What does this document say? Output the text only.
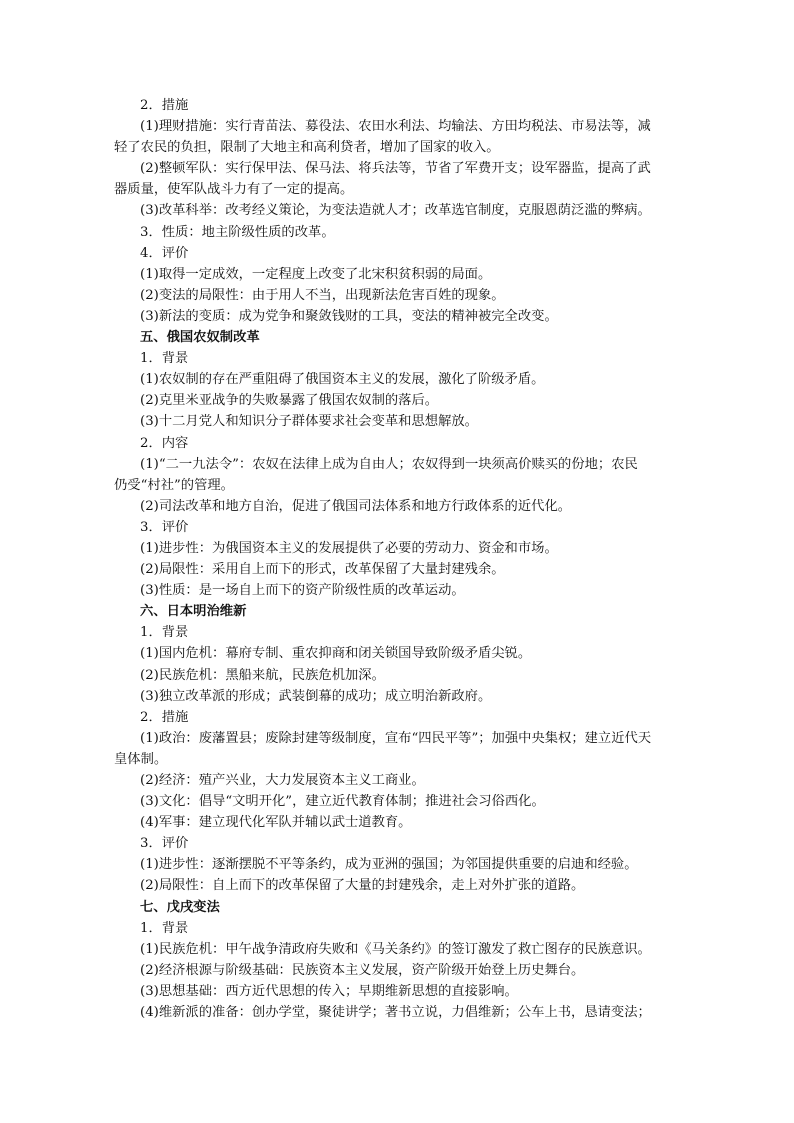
2．措施
(1)理财措施：实行青苗法、募役法、农田水利法、均输法、方田均税法、市易法等，减
轻了农民的负担，限制了大地主和高利贷者，增加了国家的收入。
(2)整顿军队：实行保甲法、保马法、将兵法等，节省了军费开支；设军器监，提高了武
器质量，使军队战斗力有了一定的提高。
(3)改革科举：改考经义策论，为变法造就人才；改革选官制度，克服恩荫泛滥的弊病。
3．性质：地主阶级性质的改革。
4．评价
(1)取得一定成效，一定程度上改变了北宋积贫积弱的局面。
(2)变法的局限性：由于用人不当，出现新法危害百姓的现象。
(3)新法的变质：成为党争和聚敛钱财的工具，变法的精神被完全改变。
五、俄国农奴制改革
1．背景
(1)农奴制的存在严重阻碍了俄国资本主义的发展，激化了阶级矛盾。
(2)克里米亚战争的失败暴露了俄国农奴制的落后。
(3)十二月党人和知识分子群体要求社会变革和思想解放。
2．内容
(1)“二一九法令”：农奴在法律上成为自由人；农奴得到一块须高价赎买的份地；农民
仍受“村社”的管理。
(2)司法改革和地方自治，促进了俄国司法体系和地方行政体系的近代化。
3．评价
(1)进步性：为俄国资本主义的发展提供了必要的劳动力、资金和市场。
(2)局限性：采用自上而下的形式，改革保留了大量封建残余。
(3)性质：是一场自上而下的资产阶级性质的改革运动。
六、日本明治维新
1．背景
(1)国内危机：幕府专制、重农抑商和闭关锁国导致阶级矛盾尖锐。
(2)民族危机：黑船来航，民族危机加深。
(3)独立改革派的形成；武装倒幕的成功；成立明治新政府。
2．措施
(1)政治：废藩置县；废除封建等级制度，宣布“四民平等”；加强中央集权；建立近代天
皇体制。
(2)经济：殖产兴业，大力发展资本主义工商业。
(3)文化：倡导“文明开化”，建立近代教育体制；推进社会习俗西化。
(4)军事：建立现代化军队并辅以武士道教育。
3．评价
(1)进步性：逐渐摆脱不平等条约，成为亚洲的强国；为邻国提供重要的启迪和经验。
(2)局限性：自上而下的改革保留了大量的封建残余，走上对外扩张的道路。
七、戊戌变法
1．背景
(1)民族危机：甲午战争清政府失败和《马关条约》的签订激发了救亡图存的民族意识。
(2)经济根源与阶级基础：民族资本主义发展，资产阶级开始登上历史舞台。
(3)思想基础：西方近代思想的传入；早期维新思想的直接影响。
(4)维新派的准备：创办学堂，聚徒讲学；著书立说，力倡维新；公车上书，恳请变法；
